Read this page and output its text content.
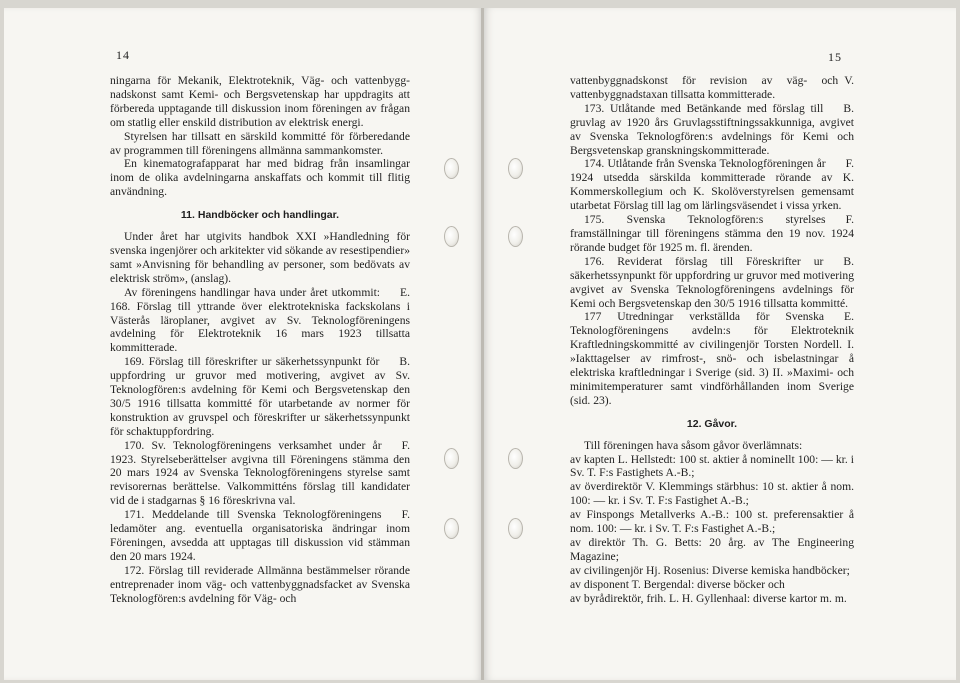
14

ningarna för Mekanik, Elektroteknik, Väg- och vattenbygg-nadskonst samt Kemi- och Bergsvetenskap har uppdragits att förbereda upptagande till diskussion inom föreningen av frågan om statlig eller enskild distribution av elektrisk energi.

Styrelsen har tillsatt en särskild kommitté för förberedande av programmen till föreningens allmänna sammankomster.

En kinematografapparat har med bidrag från insamlingar inom de olika avdelningarna anskaffats och kommit till flitig användning.

11. Handböcker och handlingar.

Under året har utgivits handbok XXI »Handledning för svenska ingenjörer och arkitekter vid sökande av resestipendier» samt »Anvisning för behandling av personer, som bedövats av elektrisk ström», (anslag).

E.
Av föreningens handlingar hava under året utkommit: 168. Förslag till yttrande över elektrotekniska fackskolans i Västerås läroplaner, avgivet av Sv. Teknologföreningens avdelning för Elektroteknik 16 mars 1923 tillsatta kommitterade.

B.
169. Förslag till föreskrifter ur säkerhetssynpunkt för uppfordring ur gruvor med motivering, avgivet av Sv. Teknologfören:s avdelning för Kemi och Bergsvetenskap den 30/5 1916 tillsatta kommitté för utarbetande av normer för konstruktion av gruvspel och föreskrifter ur säkerhetssynpunkt för schaktuppfordring.

F.
170. Sv. Teknologföreningens verksamhet under år 1923. Styrelseberättelser avgivna till Föreningens stämma den 20 mars 1924 av Svenska Teknologföreningens styrelse samt revisorernas berättelse. Valkommitténs förslag till kandidater vid de i stadgarnas § 16 föreskrivna val.

F.
171. Meddelande till Svenska Teknologföreningens ledamöter ang. eventuella organisatoriska ändringar inom Föreningen, avsedda att upptagas till diskussion vid stämman den 20 mars 1924.

172. Förslag till reviderade Allmänna bestämmelser rörande entreprenader inom väg- och vattenbyggnadsfacket av Svenska Teknologfören:s avdelning för Väg- och

15

V.
vattenbyggnadskonst för revision av väg- och vattenbyggnadstaxan tillsatta kommitterade.

B.
173. Utlåtande med Betänkande med förslag till gruvlag av 1920 års Gruvlagsstiftningssakkunniga, avgivet av Svenska Teknologfören:s avdelnings för Kemi och Bergsvetenskap granskningskommitterade.

F.
174. Utlåtande från Svenska Teknologföreningen år 1924 utsedda särskilda kommitterade rörande av K. Kommerskollegium och K. Skolöverstyrelsen gemensamt utarbetat Förslag till lag om lärlingsväsendet i vissa yrken.

F.
175. Svenska Teknologfören:s styrelses framställningar till föreningens stämma den 19 nov. 1924 rörande budget för 1925 m. fl. ärenden.

B.
176. Reviderat förslag till Föreskrifter ur säkerhetssynpunkt för uppfordring ur gruvor med motivering avgivet av Svenska Teknologföreningens avdelnings för Kemi och Bergsvetenskap den 30/5 1916 tillsatta kommitté.

E.
177 Utredningar verkställda för Svenska Teknologföreningens avdeln:s för Elektroteknik Kraftledningskommitté av civilingenjör Torsten Nordell. I. »Iakttagelser av rimfrost-, snö- och isbelastningar å elektriska kraftledningar i Sverige (sid. 3) II. »Maximi- och minimitemperaturer samt vindförhållanden inom Sverige (sid. 23).

12. Gåvor.

Till föreningen hava såsom gåvor överlämnats:

av kapten L. Hellstedt: 100 st. aktier å nominellt 100: — kr. i Sv. T. F:s Fastighets A.-B.;

av överdirektör V. Klemmings stärbhus: 10 st. aktier å nom. 100: — kr. i Sv. T. F:s Fastighet A.-B.;

av Finspongs Metallverks A.-B.: 100 st. preferensaktier å nom. 100: — kr. i Sv. T. F:s Fastighet A.-B.;

av direktör Th. G. Betts: 20 årg. av The Engineering Magazine;

av civilingenjör Hj. Rosenius: Diverse kemiska handböcker;

av disponent T. Bergendal: diverse böcker och

av byrådirektör, frih. L. H. Gyllenhaal: diverse kartor m. m.
